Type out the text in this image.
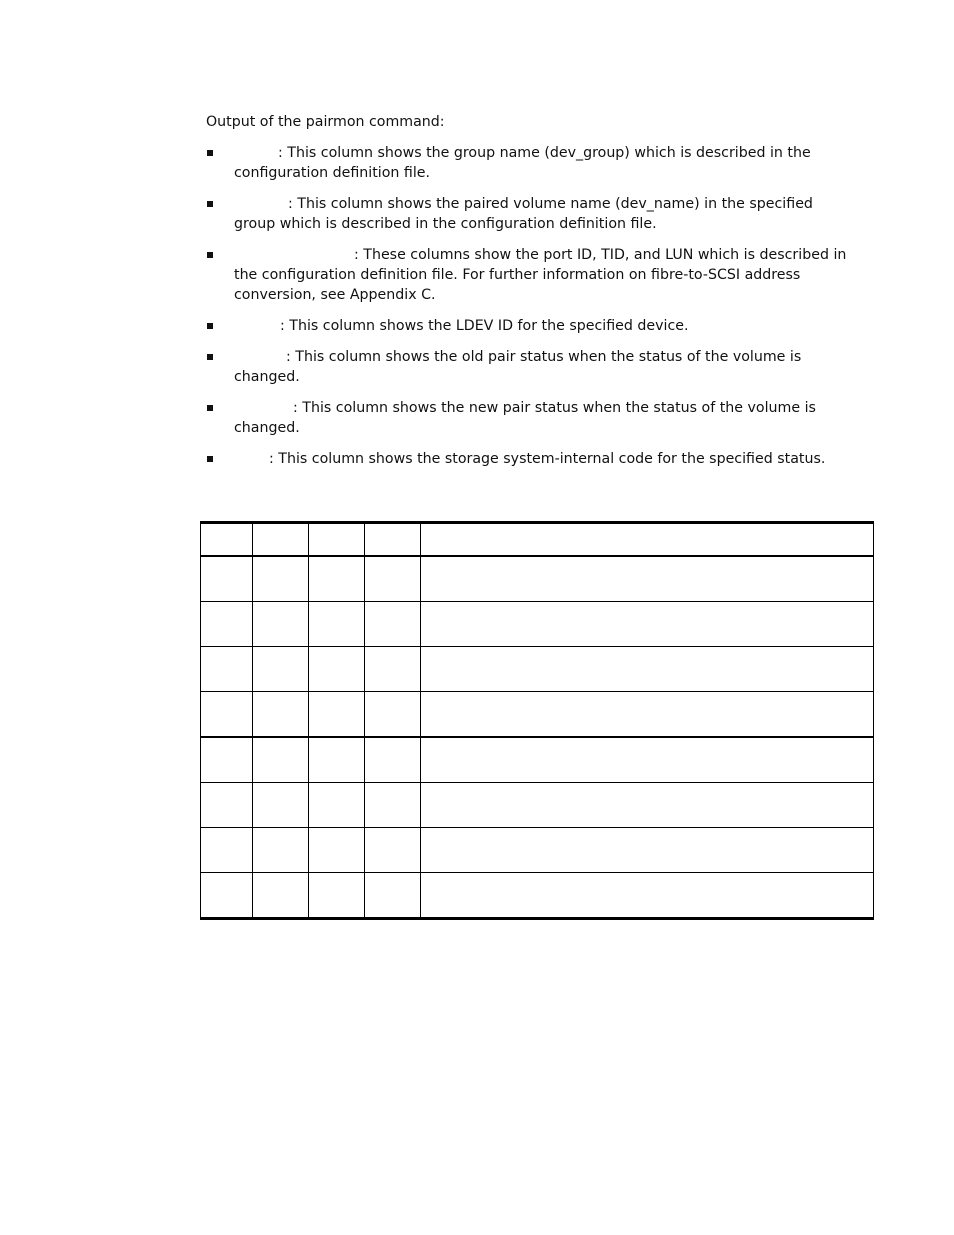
Output of the pairmon command:

: This column shows the group name (dev_group) which is described in the configuration definition file.
: This column shows the paired volume name (dev_name) in the specified group which is described in the configuration definition file.
: These columns show the port ID, TID, and LUN which is described in the configuration definition file. For further information on fibre-to-SCSI address conversion, see Appendix C.
: This column shows the LDEV ID for the specified device.
: This column shows the old pair status when the status of the volume is changed.
: This column shows the new pair status when the status of the volume is changed.
: This column shows the storage system-internal code for the specified status.
